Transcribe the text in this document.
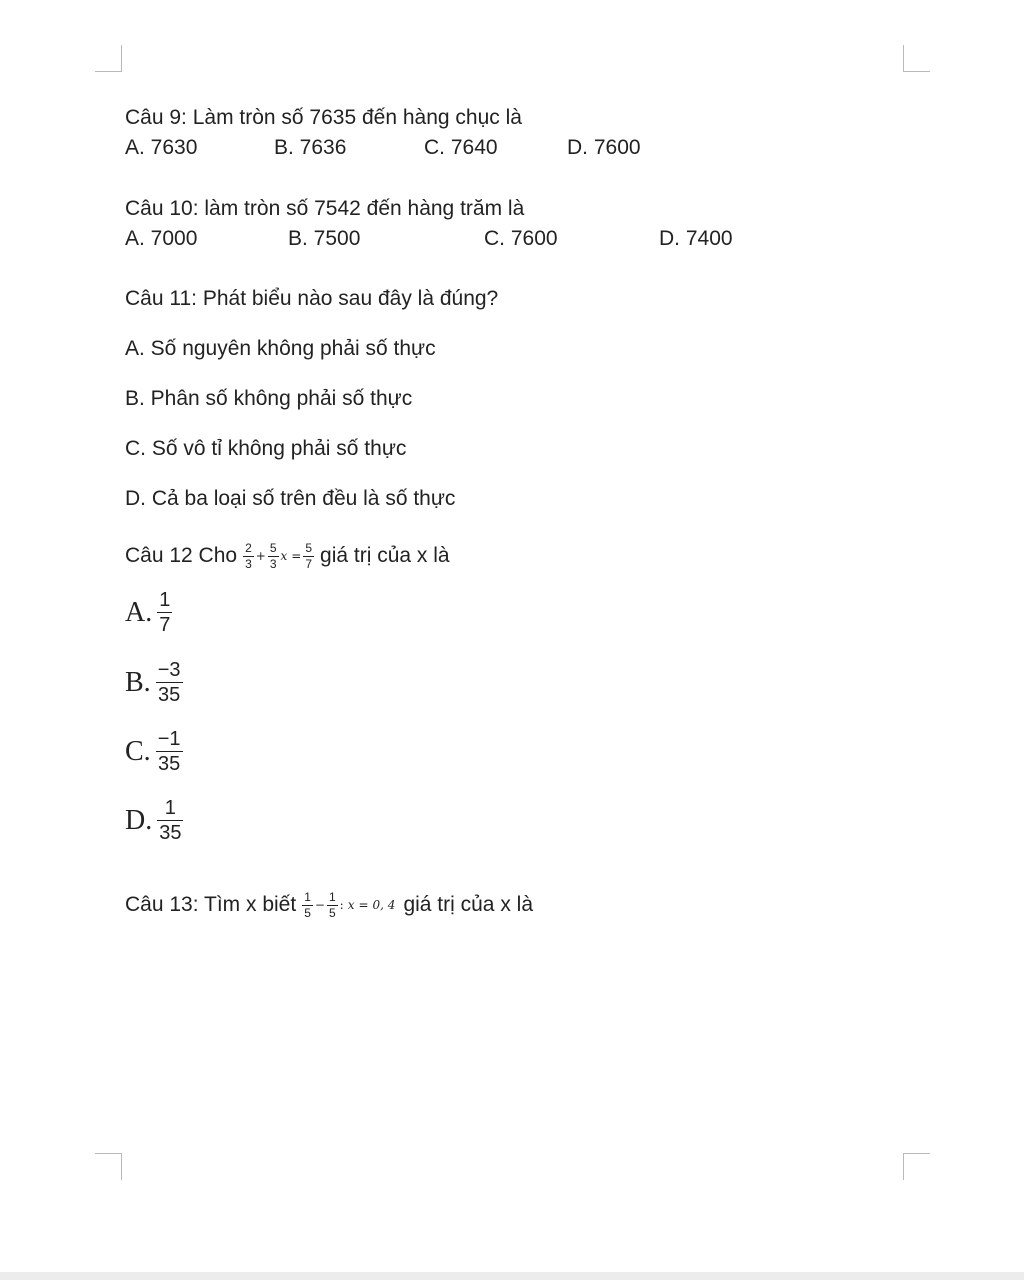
Câu 9: Làm tròn số 7635 đến hàng chục là
A. 7630	B. 7636	C. 7640	D. 7600
Câu 10: làm tròn số 7542 đến hàng trăm là
A. 7000	B. 7500	C. 7600	D. 7400
Câu 11: Phát biểu nào sau đây là đúng?
A. Số nguyên không phải số thực
B. Phân số không phải số thực
C. Số vô tỉ không phải số thực
D. Cả ba loại số trên đều là số thực
Câu 12 Cho $\frac{2}{3} + \frac{5}{3}$ $x = \frac{5}{7}$ giá trị của x là
A. $\frac{1}{7}$
B. $\frac{-3}{35}$
C. $\frac{-1}{35}$
D. $\frac{1}{35}$
Câu 13: Tìm x biết $\frac{1}{5} - \frac{1}{5}$ : x = 0, 4 giá trị của x là
